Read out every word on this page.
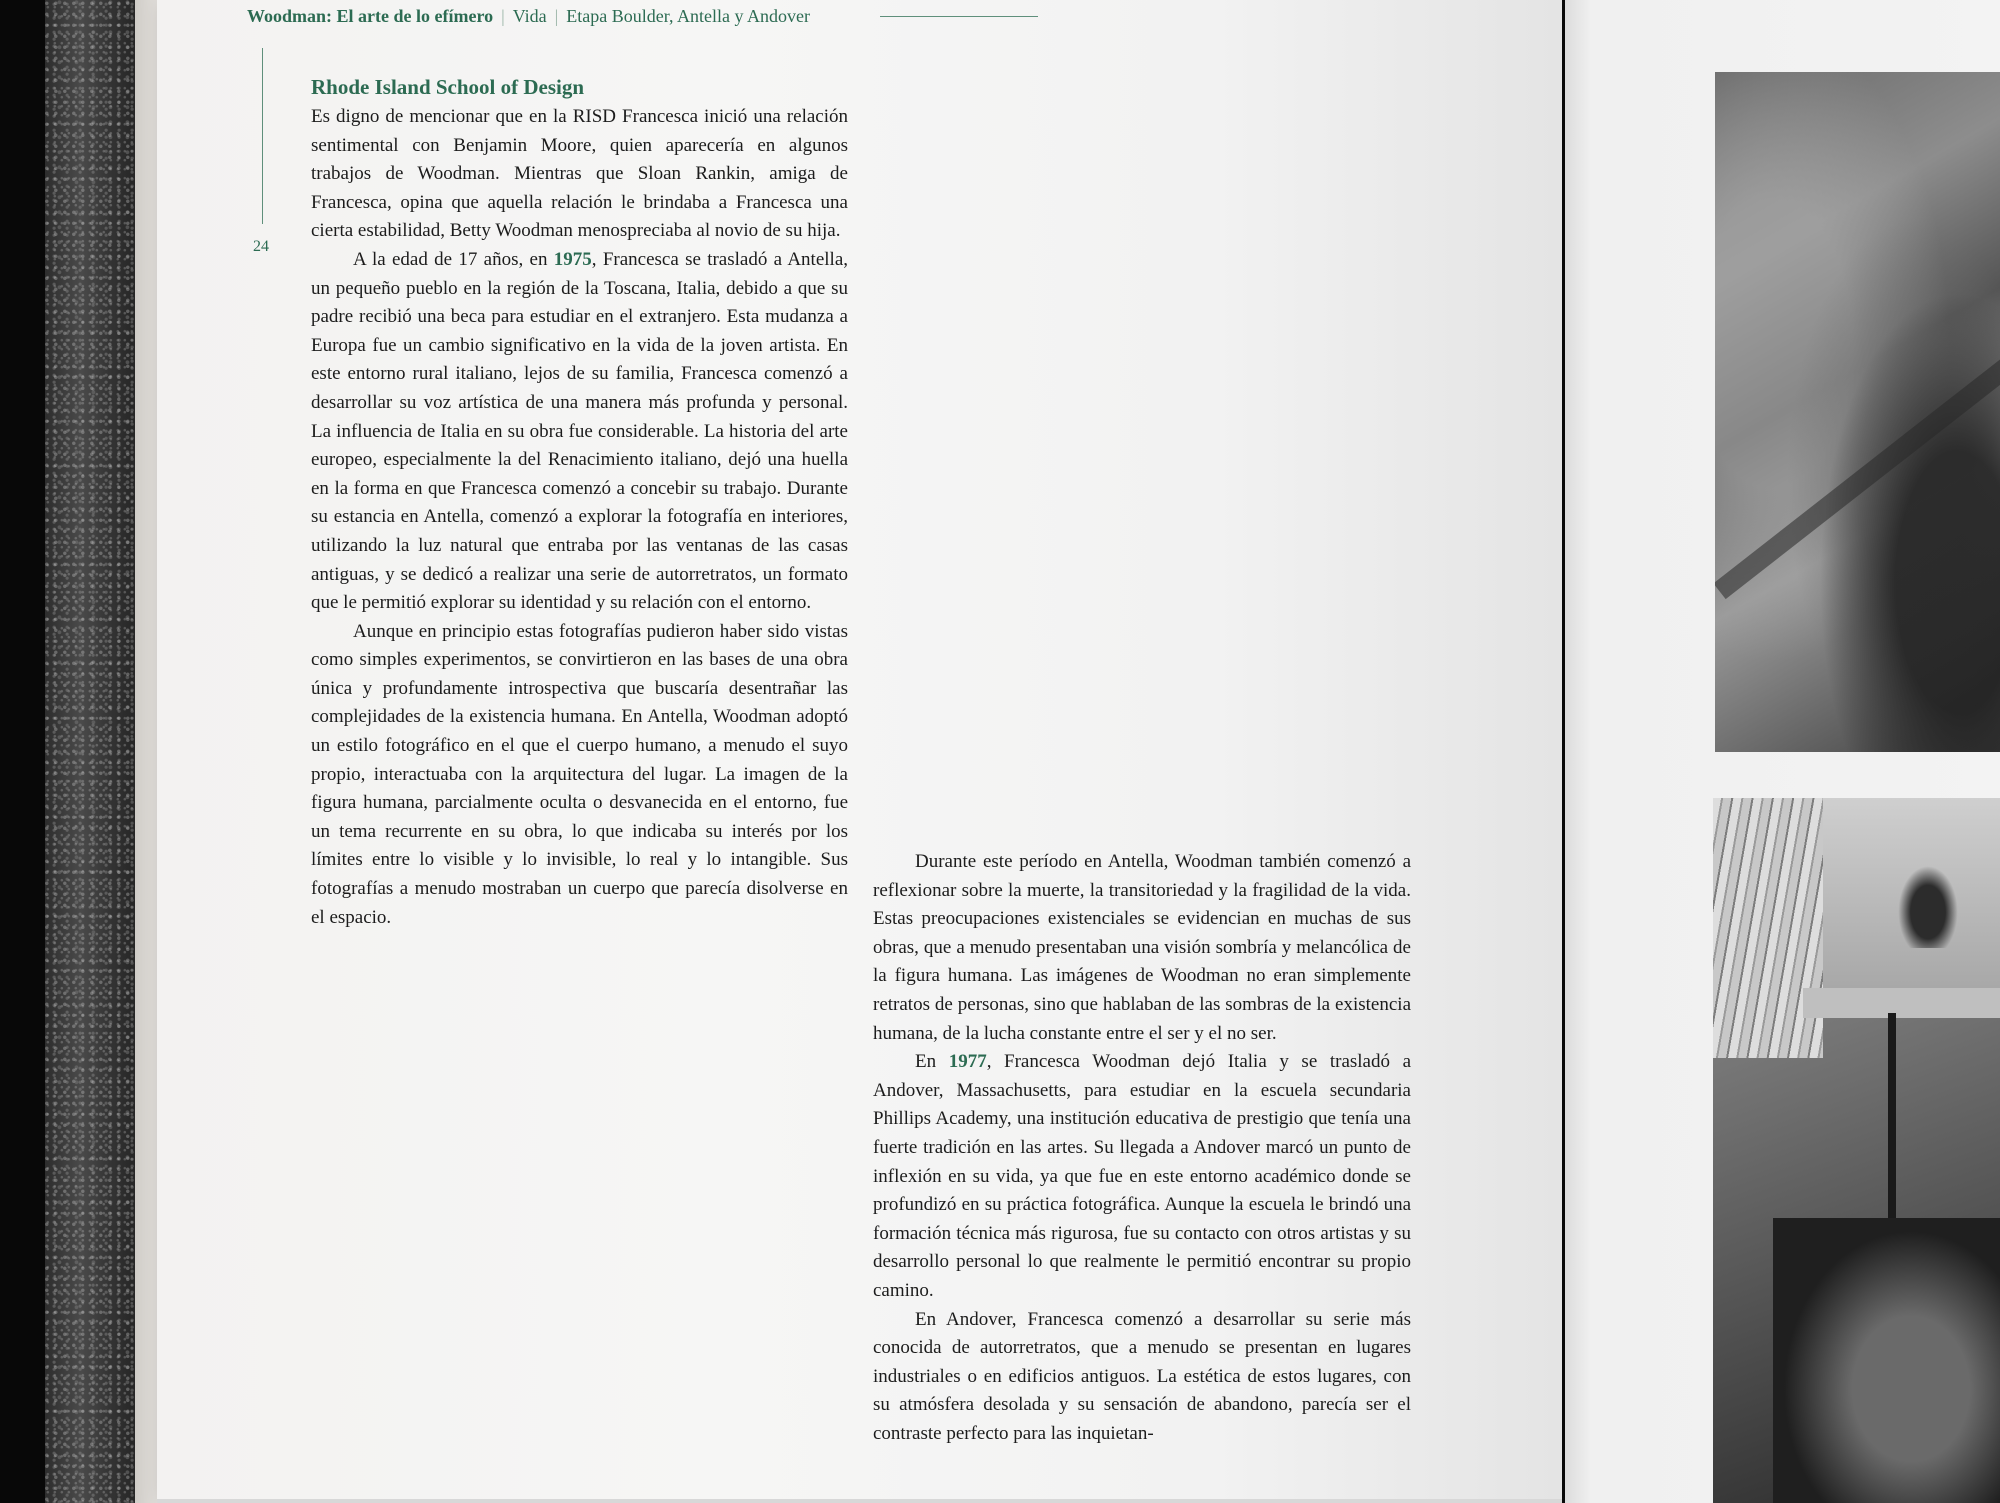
Woodman: El arte de lo efímero | Vida | Etapa Boulder, Antella y Andover
24
Rhode Island School of Design

Es digno de mencionar que en la RISD Francesca inició una relación sentimental con Benjamin Moore, quien aparecería en algunos trabajos de Woodman. Mientras que Sloan Rankin, amiga de Francesca, opina que aquella relación le brindaba a Francesca una cierta estabilidad, Betty Woodman menospreciaba al novio de su hija.

A la edad de 17 años, en 1975, Francesca se trasladó a Antella, un pequeño pueblo en la región de la Toscana, Italia, debido a que su padre recibió una beca para estudiar en el extranjero. Esta mudanza a Europa fue un cambio significativo en la vida de la joven artista. En este entorno rural italiano, lejos de su familia, Francesca comenzó a desarrollar su voz artística de una manera más profunda y personal. La influencia de Italia en su obra fue considerable. La historia del arte europeo, especialmente la del Renacimiento italiano, dejó una huella en la forma en que Francesca comenzó a concebir su trabajo. Durante su estancia en Antella, comenzó a explorar la fotografía en interiores, utilizando la luz natural que entraba por las ventanas de las casas antiguas, y se dedicó a realizar una serie de autorretratos, un formato que le permitió explorar su identidad y su relación con el entorno.

Aunque en principio estas fotografías pudieron haber sido vistas como simples experimentos, se convirtieron en las bases de una obra única y profundamente introspectiva que buscaría desentrañar las complejidades de la existencia humana. En Antella, Woodman adoptó un estilo fotográfico en el que el cuerpo humano, a menudo el suyo propio, interactuaba con la arquitectura del lugar. La imagen de la figura humana, parcialmente oculta o desvanecida en el entorno, fue un tema recurrente en su obra, lo que indicaba su interés por los límites entre lo visible y lo invisible, lo real y lo intangible. Sus fotografías a menudo mostraban un cuerpo que parecía disolverse en el espacio.

Durante este período en Antella, Woodman también comenzó a reflexionar sobre la muerte, la transitoriedad y la fragilidad de la vida. Estas preocupaciones existenciales se evidencian en muchas de sus obras, que a menudo presentaban una visión sombría y melancólica de la figura humana. Las imágenes de Woodman no eran simplemente retratos de personas, sino que hablaban de las sombras de la existencia humana, de la lucha constante entre el ser y el no ser.

En 1977, Francesca Woodman dejó Italia y se trasladó a Andover, Massachusetts, para estudiar en la escuela secundaria Phillips Academy, una institución educativa de prestigio que tenía una fuerte tradición en las artes. Su llegada a Andover marcó un punto de inflexión en su vida, ya que fue en este entorno académico donde se profundizó en su práctica fotográfica. Aunque la escuela le brindó una formación técnica más rigurosa, fue su contacto con otros artistas y su desarrollo personal lo que realmente le permitió encontrar su propio camino.

En Andover, Francesca comenzó a desarrollar su serie más conocida de autorretratos, que a menudo se presentan en lugares industriales o en edificios antiguos. La estética de estos lugares, con su atmósfera desolada y su sensación de abandono, parecía ser el contraste perfecto para las inquietan-
